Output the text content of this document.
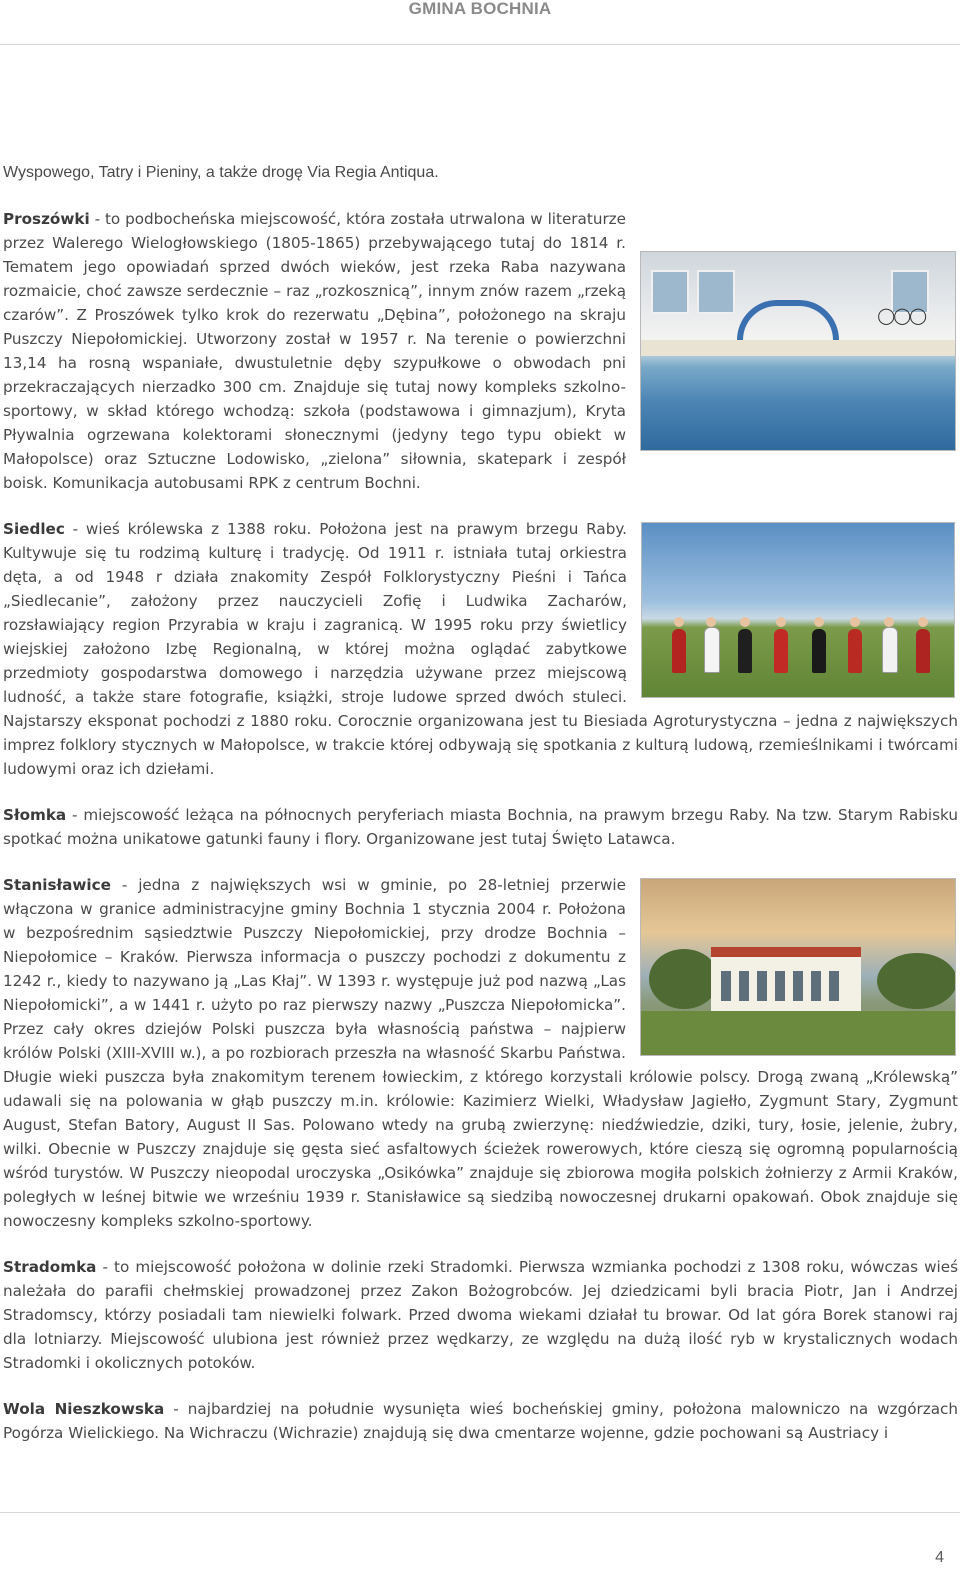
GMINA BOCHNIA

Wyspowego, Tatry i Pieniny, a także drogę Via Regia Antiqua.

◯◯◯

Proszówki - to podbocheńska miejscowość, która została utrwalona w literaturze przez Walerego Wielogłowskiego (1805-1865) przebywającego tutaj do 1814 r. Tematem jego opowiadań sprzed dwóch wieków, jest rzeka Raba nazywana rozmaicie, choć zawsze serdecznie – raz „rozkosznicą”, innym znów razem „rzeką czarów”. Z Proszówek tylko krok do rezerwatu „Dębina”, położonego na skraju Puszczy Niepołomickiej. Utworzony został w 1957 r. Na terenie o powierzchni 13,14 ha rosną wspaniałe, dwustuletnie dęby szypułkowe o obwodach pni przekraczających nierzadko 300 cm. Znajduje się tutaj nowy kompleks szkolno-sportowy, w skład którego wchodzą: szkoła (podstawowa i gimnazjum), Kryta Pływalnia ogrzewana kolektorami słonecznymi (jedyny tego typu obiekt w Małopolsce) oraz Sztuczne Lodowisko, „zielona” siłownia, skatepark i zespół boisk. Komunikacja autobusami RPK z centrum Bochni.

Siedlec - wieś królewska z 1388 roku. Położona jest na prawym brzegu Raby. Kultywuje się tu rodzimą kulturę i tradycję. Od 1911 r. istniała tutaj orkiestra dęta, a od 1948 r działa znakomity Zespół Folklorystyczny Pieśni i Tańca „Siedlecanie”, założony przez nauczycieli Zofię i Ludwika Zacharów, rozsławiający region Przyrabia w kraju i zagranicą. W 1995 roku przy świetlicy wiejskiej założono Izbę Regionalną, w której można oglądać zabytkowe przedmioty gospodarstwa domowego i narzędzia używane przez miejscową ludność, a także stare fotografie, książki, stroje ludowe sprzed dwóch stuleci. Najstarszy eksponat pochodzi z 1880 roku. Corocznie organizowana jest tu Biesiada Agroturystyczna – jedna z największych imprez folklory stycznych w Małopolsce, w trakcie której odbywają się spotkania z kulturą ludową, rzemieślnikami i twórcami ludowymi oraz ich dziełami.

Słomka - miejscowość leżąca na północnych peryferiach miasta Bochnia, na prawym brzegu Raby. Na tzw. Starym Rabisku spotkać można unikatowe gatunki fauny i flory. Organizowane jest tutaj Święto Latawca.

Stanisławice - jedna z największych wsi w gminie, po 28-letniej przerwie włączona w granice administracyjne gminy Bochnia 1 stycznia 2004 r. Położona w bezpośrednim sąsiedztwie Puszczy Niepołomickiej, przy drodze Bochnia – Niepołomice – Kraków. Pierwsza informacja o puszczy pochodzi z dokumentu z 1242 r., kiedy to nazywano ją „Las Kłaj”. W 1393 r. występuje już pod nazwą „Las Niepołomicki”, a w 1441 r. użyto po raz pierwszy nazwy „Puszcza Niepołomicka”. Przez cały okres dziejów Polski puszcza była własnością państwa – najpierw królów Polski (XIII-XVIII w.), a po rozbiorach przeszła na własność Skarbu Państwa. Długie wieki puszcza była znakomitym terenem łowieckim, z którego korzystali królowie polscy. Drogą zwaną „Królewską” udawali się na polowania w głąb puszczy m.in. królowie: Kazimierz Wielki, Władysław Jagiełło, Zygmunt Stary, Zygmunt August, Stefan Batory, August II Sas. Polowano wtedy na grubą zwierzynę: niedźwiedzie, dziki, tury, łosie, jelenie, żubry, wilki. Obecnie w Puszczy znajduje się gęsta sieć asfaltowych ścieżek rowerowych, które cieszą się ogromną popularnością wśród turystów. W Puszczy nieopodal uroczyska „Osikówka” znajduje się zbiorowa mogiła polskich żołnierzy z Armii Kraków, poległych w leśnej bitwie we wrześniu 1939 r. Stanisławice są siedzibą nowoczesnej drukarni opakowań. Obok znajduje się nowoczesny kompleks szkolno-sportowy.

Stradomka - to miejscowość położona w dolinie rzeki Stradomki. Pierwsza wzmianka pochodzi z 1308 roku, wówczas wieś należała do parafii chełmskiej prowadzonej przez Zakon Bożogrobców. Jej dziedzicami byli bracia Piotr, Jan i Andrzej Stradomscy, którzy posiadali tam niewielki folwark. Przed dwoma wiekami działał tu browar. Od lat góra Borek stanowi raj dla lotniarzy. Miejscowość ulubiona jest również przez wędkarzy, ze względu na dużą ilość ryb w krystalicznych wodach Stradomki i okolicznych potoków.

Wola Nieszkowska - najbardziej na południe wysunięta wieś bocheńskiej gminy, położona malowniczo na wzgórzach Pogórza Wielickiego. Na Wichraczu (Wichrazie) znajdują się dwa cmentarze wojenne, gdzie pochowani są Austriacy i

4
